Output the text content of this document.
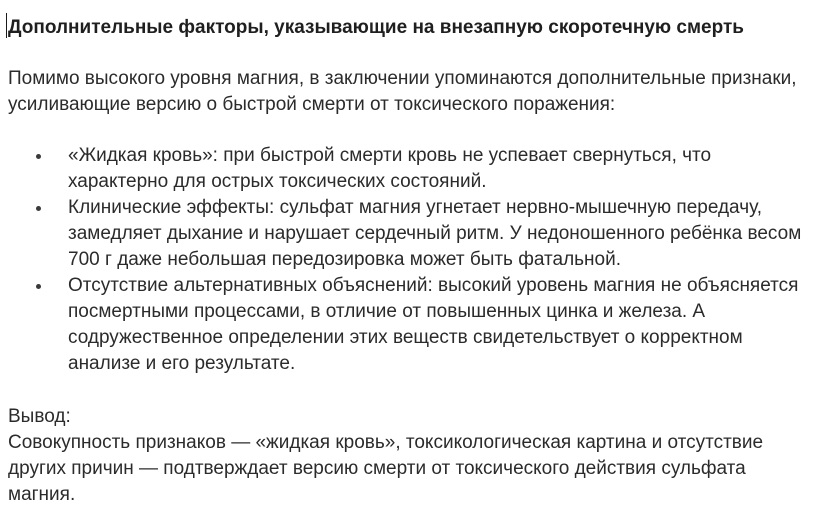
Дополнительные факторы, указывающие на внезапную скоротечную смерть

Помимо высокого уровня магния, в заключении упоминаются дополнительные признаки, усиливающие версию о быстрой смерти от токсического поражения:

«Жидкая кровь»: при быстрой смерти кровь не успевает свернуться, что характерно для острых токсических состояний.
Клинические эффекты: сульфат магния угнетает нервно-мышечную передачу, замедляет дыхание и нарушает сердечный ритм. У недоношенного ребёнка весом 700 г даже небольшая передозировка может быть фатальной.
Отсутствие альтернативных объяснений: высокий уровень магния не объясняется посмертными процессами, в отличие от повышенных цинка и железа. А содружественное определении этих веществ свидетельствует о корректном анализе и его результате.

Вывод:

Совокупность признаков — «жидкая кровь», токсикологическая картина и отсутствие других причин — подтверждает версию смерти от токсического действия сульфата магния.
